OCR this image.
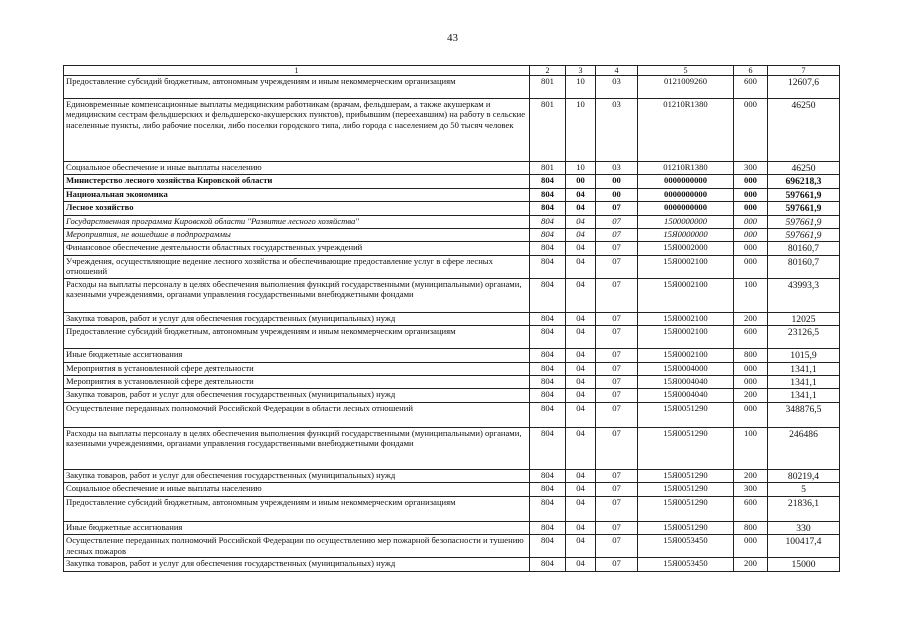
43
1	2	3	4	5	6	7
Предоставление субсидий бюджетным, автономным учреждениям и иным некоммерческим организациям	801	10	03	0121009260	600	12607,6
Единовременные компенсационные выплаты медицинским работникам (врачам, фельдшерам, а также акушеркам и медицинским сестрам фельдшерских и фельдшерско-акушерских пунктов), прибывшим (переехавшим) на работу в сельские населенные пункты, либо рабочие поселки, либо поселки городского типа, либо города с населением до 50 тысяч человек	801	10	03	01210R1380	000	46250
Социальное обеспечение и иные выплаты населению	801	10	03	01210R1380	300	46250
Министерство лесного хозяйства Кировской области	804	00	00	0000000000	000	696218,3
Национальная экономика	804	04	00	0000000000	000	597661,9
Лесное хозяйство	804	04	07	0000000000	000	597661,9
Государственная программа Кировской области "Развитие лесного хозяйства"	804	04	07	1500000000	000	597661,9
Мероприятия, не вошедшие в подпрограммы	804	04	07	15Я0000000	000	597661,9
Финансовое обеспечение деятельности областных государственных учреждений	804	04	07	15Я0002000	000	80160,7
Учреждения, осуществляющие ведение лесного хозяйства и обеспечивающие предоставление услуг в сфере лесных отношений	804	04	07	15Я0002100	000	80160,7
Расходы на выплаты персоналу в целях обеспечения выполнения функций государственными (муниципальными) органами, казенными учреждениями, органами управления государственными внебюджетными фондами	804	04	07	15Я0002100	100	43993,3
Закупка товаров, работ и услуг для обеспечения государственных (муниципальных) нужд	804	04	07	15Я0002100	200	12025
Предоставление субсидий бюджетным, автономным учреждениям и иным некоммерческим организациям	804	04	07	15Я0002100	600	23126,5
Иные бюджетные ассигнования	804	04	07	15Я0002100	800	1015,9
Мероприятия в установленной сфере деятельности	804	04	07	15Я0004000	000	1341,1
Мероприятия в установленной сфере деятельности	804	04	07	15Я0004040	000	1341,1
Закупка товаров, работ и услуг для обеспечения государственных (муниципальных) нужд	804	04	07	15Я0004040	200	1341,1
Осуществление переданных полномочий Российской Федерации в области лесных отношений	804	04	07	15Я0051290	000	348876,5
Расходы на выплаты персоналу в целях обеспечения выполнения функций государственными (муниципальными) органами, казенными учреждениями, органами управления государственными внебюджетными фондами	804	04	07	15Я0051290	100	246486
Закупка товаров, работ и услуг для обеспечения государственных (муниципальных) нужд	804	04	07	15Я0051290	200	80219,4
Социальное обеспечение и иные выплаты населению	804	04	07	15Я0051290	300	5
Предоставление субсидий бюджетным, автономным учреждениям и иным некоммерческим организациям	804	04	07	15Я0051290	600	21836,1
Иные бюджетные ассигнования	804	04	07	15Я0051290	800	330
Осуществление переданных полномочий Российской Федерации по осуществлению мер пожарной безопасности и тушению лесных пожаров	804	04	07	15Я0053450	000	100417,4
Закупка товаров, работ и услуг для обеспечения государственных (муниципальных) нужд	804	04	07	15Я0053450	200	15000
